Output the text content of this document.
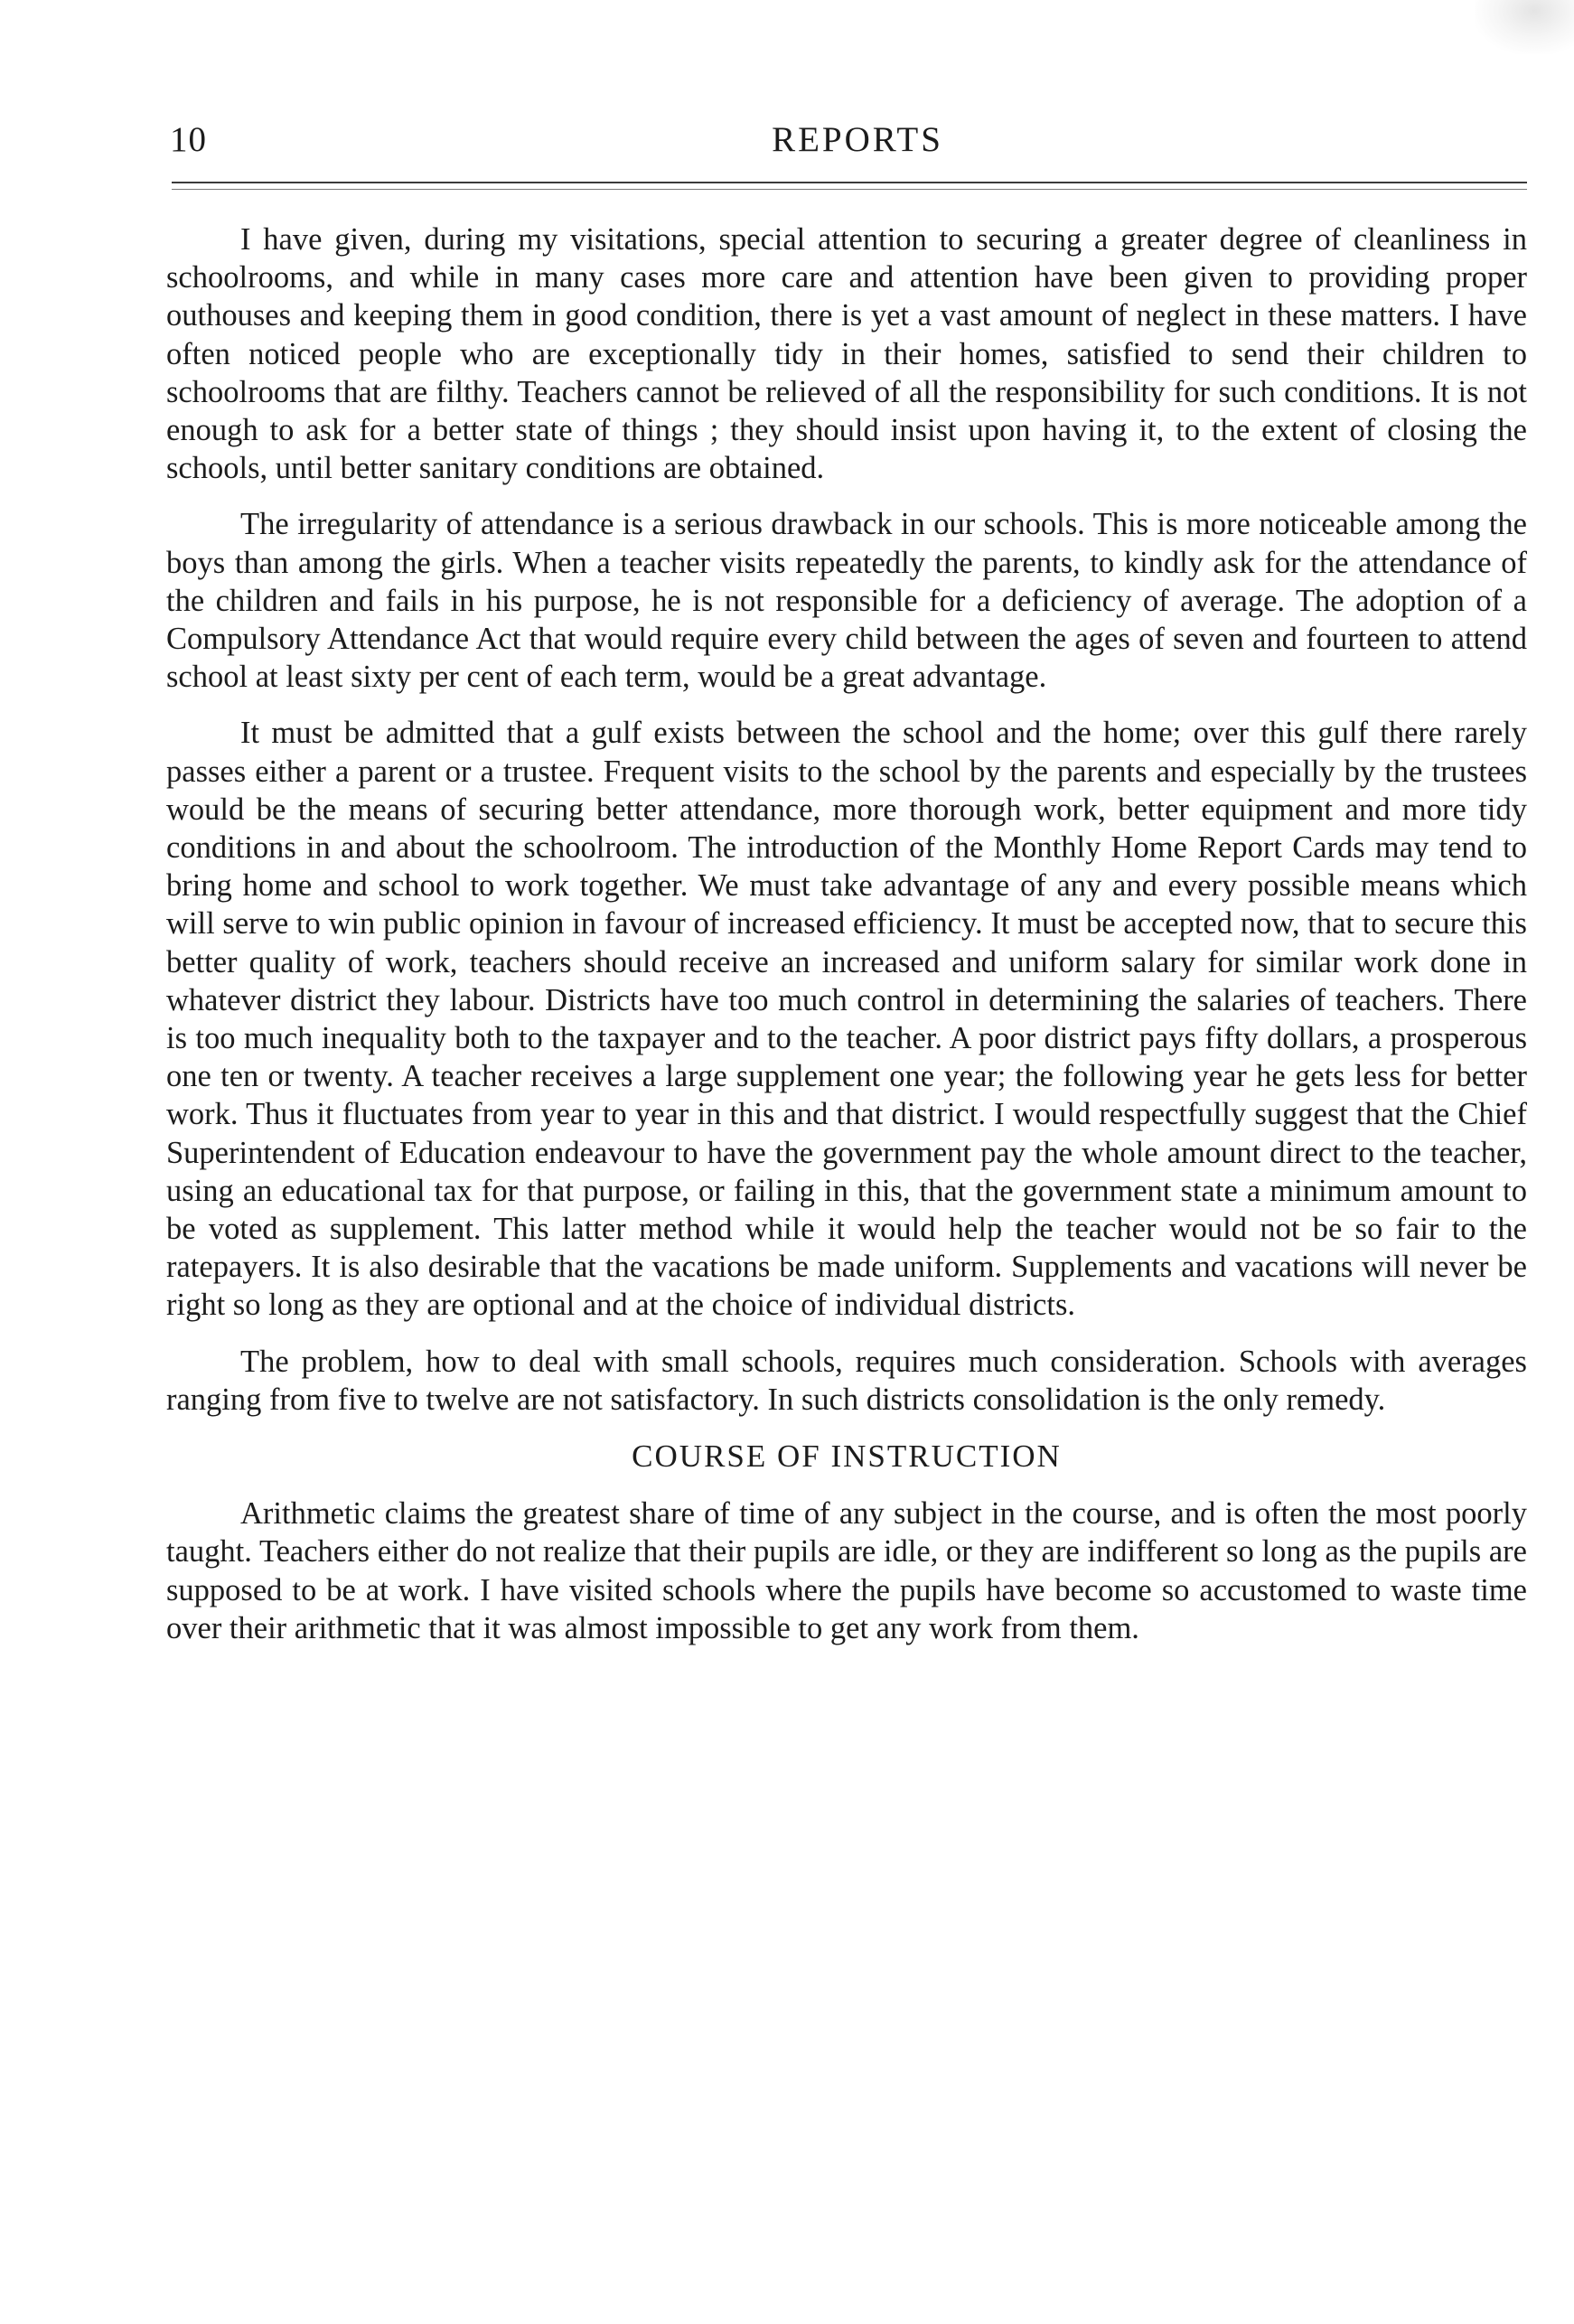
10	REPORTS

I have given, during my visitations, special attention to securing a greater degree of cleanliness in schoolrooms, and while in many cases more care and attention have been given to providing proper outhouses and keeping them in good condition, there is yet a vast amount of neglect in these matters. I have often noticed people who are exceptionally tidy in their homes, satisfied to send their children to schoolrooms that are filthy. Teachers cannot be relieved of all the responsibility for such conditions. It is not enough to ask for a better state of things ; they should insist upon having it, to the extent of closing the schools, until better sanitary conditions are obtained.

The irregularity of attendance is a serious drawback in our schools. This is more noticeable among the boys than among the girls. When a teacher visits repeatedly the parents, to kindly ask for the attendance of the children and fails in his purpose, he is not responsible for a deficiency of average. The adoption of a Compulsory Attendance Act that would require every child between the ages of seven and fourteen to attend school at least sixty per cent of each term, would be a great advantage.

It must be admitted that a gulf exists between the school and the home; over this gulf there rarely passes either a parent or a trustee. Frequent visits to the school by the parents and especially by the trustees would be the means of securing better attendance, more thorough work, better equipment and more tidy conditions in and about the schoolroom. The introduction of the Monthly Home Report Cards may tend to bring home and school to work together. We must take advantage of any and every possible means which will serve to win public opinion in favour of increased efficiency. It must be accepted now, that to secure this better quality of work, teachers should receive an increased and uniform salary for similar work done in whatever district they labour. Districts have too much control in determining the salaries of teachers. There is too much inequality both to the taxpayer and to the teacher. A poor district pays fifty dollars, a prosperous one ten or twenty. A teacher receives a large supplement one year; the following year he gets less for better work. Thus it fluctuates from year to year in this and that district. I would respectfully suggest that the Chief Superintendent of Education endeavour to have the government pay the whole amount direct to the teacher, using an educational tax for that purpose, or failing in this, that the government state a minimum amount to be voted as supplement. This latter method while it would help the teacher would not be so fair to the ratepayers. It is also desirable that the vacations be made uniform. Supplements and vacations will never be right so long as they are optional and at the choice of individual districts.

The problem, how to deal with small schools, requires much consideration. Schools with averages ranging from five to twelve are not satisfactory. In such districts consolidation is the only remedy.

COURSE OF INSTRUCTION

Arithmetic claims the greatest share of time of any subject in the course, and is often the most poorly taught. Teachers either do not realize that their pupils are idle, or they are indifferent so long as the pupils are supposed to be at work. I have visited schools where the pupils have become so accustomed to waste time over their arithmetic that it was almost impossible to get any work from them.
